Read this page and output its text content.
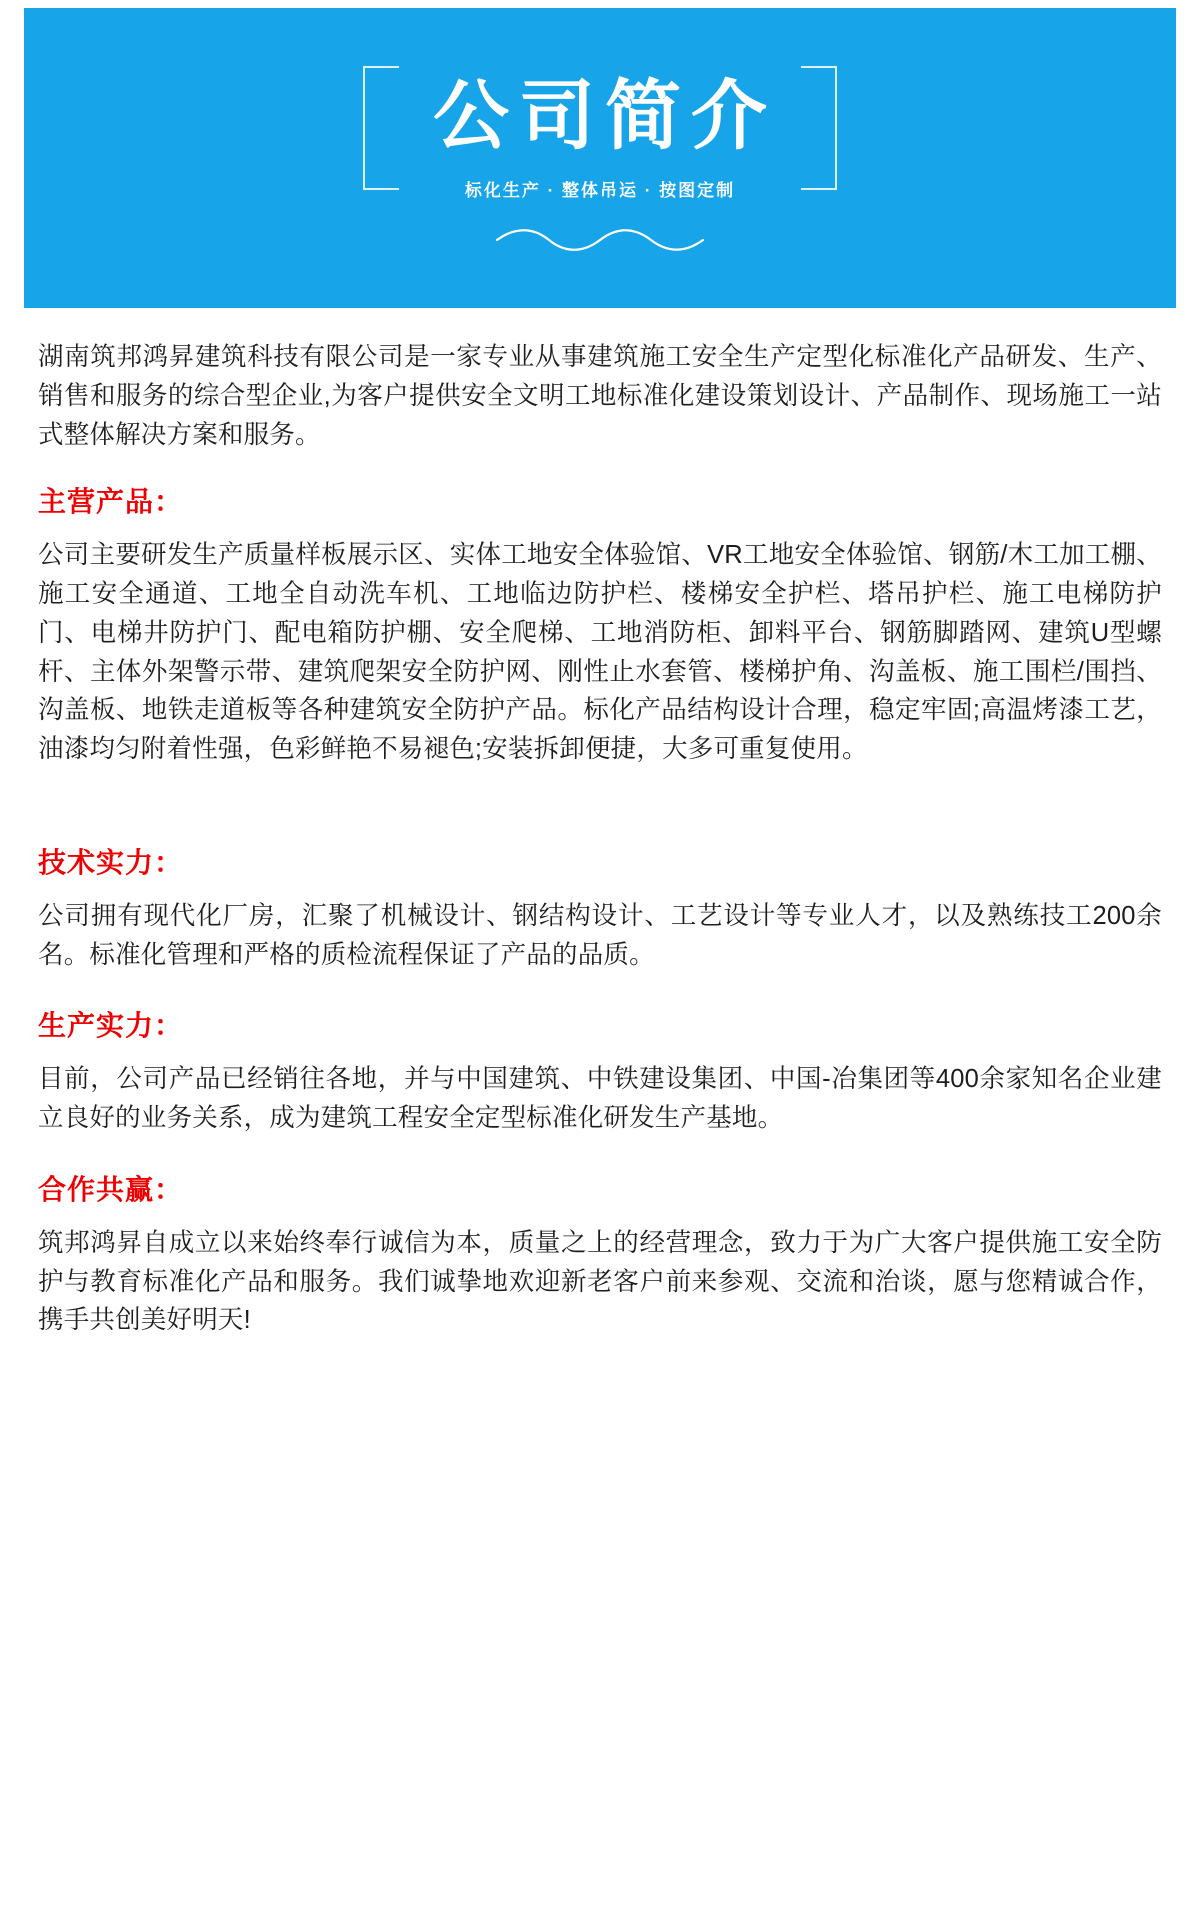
公司简介
标化生产 · 整体吊运 · 按图定制

湖南筑邦鸿昇建筑科技有限公司是一家专业从事建筑施工安全生产定型化标准化产品研发、生产、销售和服务的综合型企业,为客户提供安全文明工地标准化建设策划设计、产品制作、现场施工一站式整体解决方案和服务。

主营产品：

公司主要研发生产质量样板展示区、实体工地安全体验馆、VR工地安全体验馆、钢筋/木工加工棚、施工安全通道、工地全自动洗车机、工地临边防护栏、楼梯安全护栏、塔吊护栏、施工电梯防护门、电梯井防护门、配电箱防护棚、安全爬梯、工地消防柜、卸料平台、钢筋脚踏网、建筑U型螺杆、主体外架警示带、建筑爬架安全防护网、刚性止水套管、楼梯护角、沟盖板、施工围栏/围挡、沟盖板、地铁走道板等各种建筑安全防护产品。标化产品结构设计合理，稳定牢固;高温烤漆工艺，油漆均匀附着性强，色彩鲜艳不易褪色;安装拆卸便捷，大多可重复使用。

技术实力：

公司拥有现代化厂房，汇聚了机械设计、钢结构设计、工艺设计等专业人才，以及熟练技工200余名。标准化管理和严格的质检流程保证了产品的品质。

生产实力：

目前，公司产品已经销往各地，并与中国建筑、中铁建设集团、中国-冶集团等400余家知名企业建立良好的业务关系，成为建筑工程安全定型标准化研发生产基地。

合作共赢：

筑邦鸿昇自成立以来始终奉行诚信为本，质量之上的经营理念，致力于为广大客户提供施工安全防护与教育标准化产品和服务。我们诚挚地欢迎新老客户前来参观、交流和治谈，愿与您精诚合作，携手共创美好明天!
